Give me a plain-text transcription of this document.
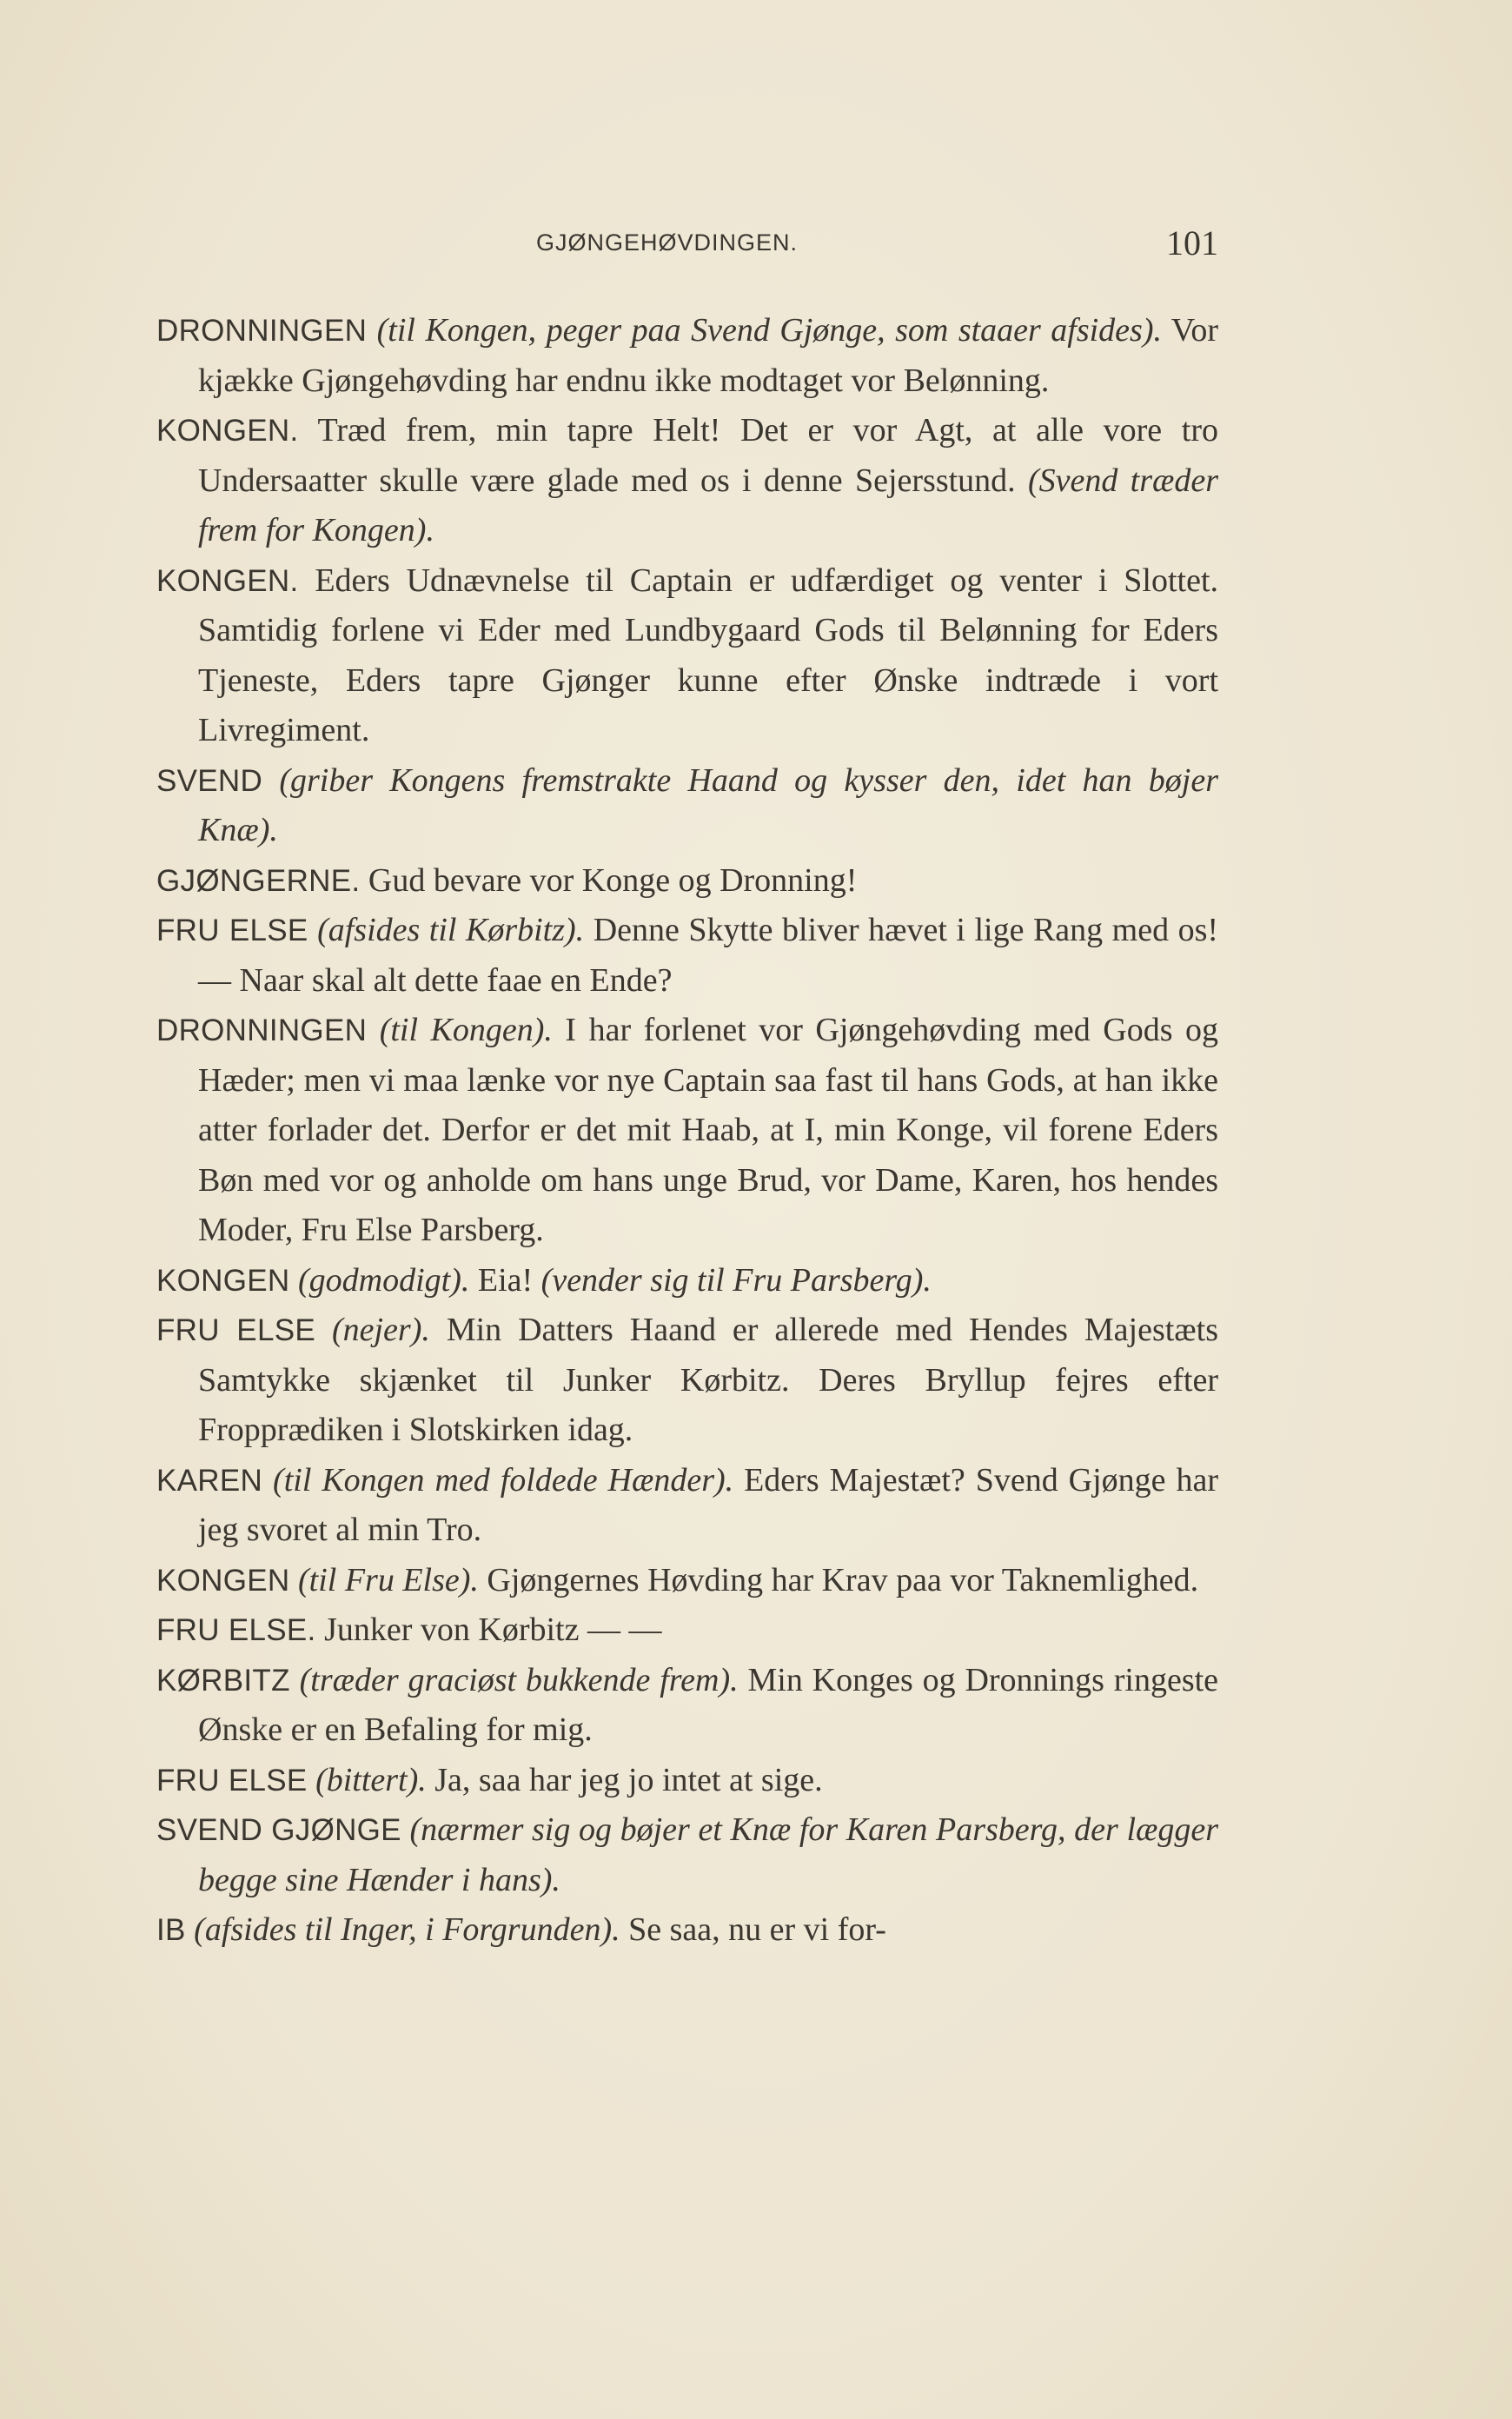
GJØNGEHØVDINGEN.	101

DRONNINGEN (til Kongen, peger paa Svend Gjønge, som staaer afsides). Vor kjække Gjøngehøvding har endnu ikke modtaget vor Belønning.

KONGEN. Træd frem, min tapre Helt! Det er vor Agt, at alle vore tro Undersaatter skulle være glade med os i denne Sejersstund. (Svend træder frem for Kongen).

KONGEN. Eders Udnævnelse til Captain er udfærdiget og venter i Slottet. Samtidig forlene vi Eder med Lundbygaard Gods til Belønning for Eders Tjeneste, Eders tapre Gjønger kunne efter Ønske indtræde i vort Livregiment.

SVEND (griber Kongens fremstrakte Haand og kysser den, idet han bøjer Knæ).

GJØNGERNE. Gud bevare vor Konge og Dronning!

FRU ELSE (afsides til Kørbitz). Denne Skytte bliver hævet i lige Rang med os! — Naar skal alt dette faae en Ende?

DRONNINGEN (til Kongen). I har forlenet vor Gjøngehøvding med Gods og Hæder; men vi maa lænke vor nye Captain saa fast til hans Gods, at han ikke atter forlader det. Derfor er det mit Haab, at I, min Konge, vil forene Eders Bøn med vor og anholde om hans unge Brud, vor Dame, Karen, hos hendes Moder, Fru Else Parsberg.

KONGEN (godmodigt). Eia! (vender sig til Fru Parsberg).

FRU ELSE (nejer). Min Datters Haand er allerede med Hendes Majestæts Samtykke skjænket til Junker Kørbitz. Deres Bryllup fejres efter Fropprædiken i Slotskirken idag.

KAREN (til Kongen med foldede Hænder). Eders Majestæt? Svend Gjønge har jeg svoret al min Tro.

KONGEN (til Fru Else). Gjøngernes Høvding har Krav paa vor Taknemlighed.

FRU ELSE. Junker von Kørbitz — —

KØRBITZ (træder graciøst bukkende frem). Min Konges og Dronnings ringeste Ønske er en Befaling for mig.

FRU ELSE (bittert). Ja, saa har jeg jo intet at sige.

SVEND GJØNGE (nærmer sig og bøjer et Knæ for Karen Parsberg, der lægger begge sine Hænder i hans).

IB (afsides til Inger, i Forgrunden). Se saa, nu er vi for-
